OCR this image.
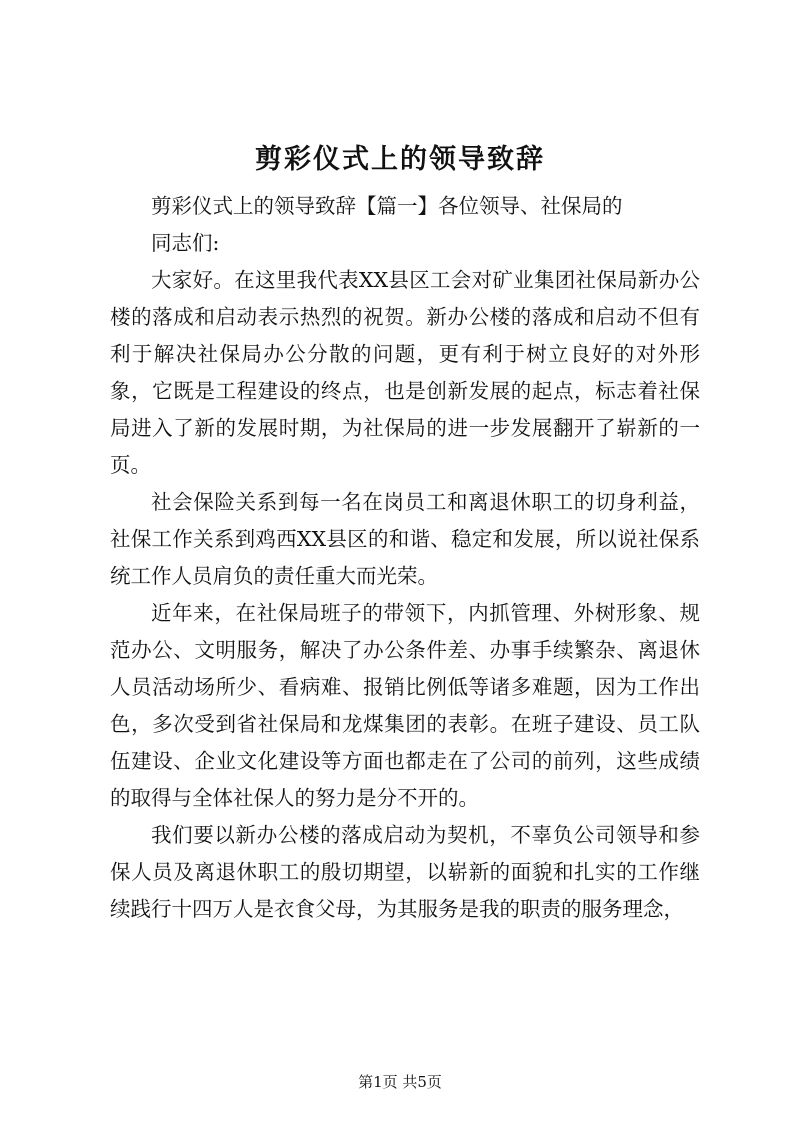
剪彩仪式上的领导致辞

剪彩仪式上的领导致辞【篇一】各位领导、社保局的

同志们:

大家好。在这里我代表XX县区工会对矿业集团社保局新办公楼的落成和启动表示热烈的祝贺。新办公楼的落成和启动不但有利于解决社保局办公分散的问题，更有利于树立良好的对外形象，它既是工程建设的终点，也是创新发展的起点，标志着社保局进入了新的发展时期，为社保局的进一步发展翻开了崭新的一页。

社会保险关系到每一名在岗员工和离退休职工的切身利益，社保工作关系到鸡西XX县区的和谐、稳定和发展，所以说社保系统工作人员肩负的责任重大而光荣。

近年来，在社保局班子的带领下，内抓管理、外树形象、规范办公、文明服务，解决了办公条件差、办事手续繁杂、离退休人员活动场所少、看病难、报销比例低等诸多难题，因为工作出色，多次受到省社保局和龙煤集团的表彰。在班子建设、员工队伍建设、企业文化建设等方面也都走在了公司的前列，这些成绩的取得与全体社保人的努力是分不开的。

我们要以新办公楼的落成启动为契机，不辜负公司领导和参保人员及离退休职工的殷切期望，以崭新的面貌和扎实的工作继续践行十四万人是衣食父母，为其服务是我的职责的服务理念，

第1页 共5页
